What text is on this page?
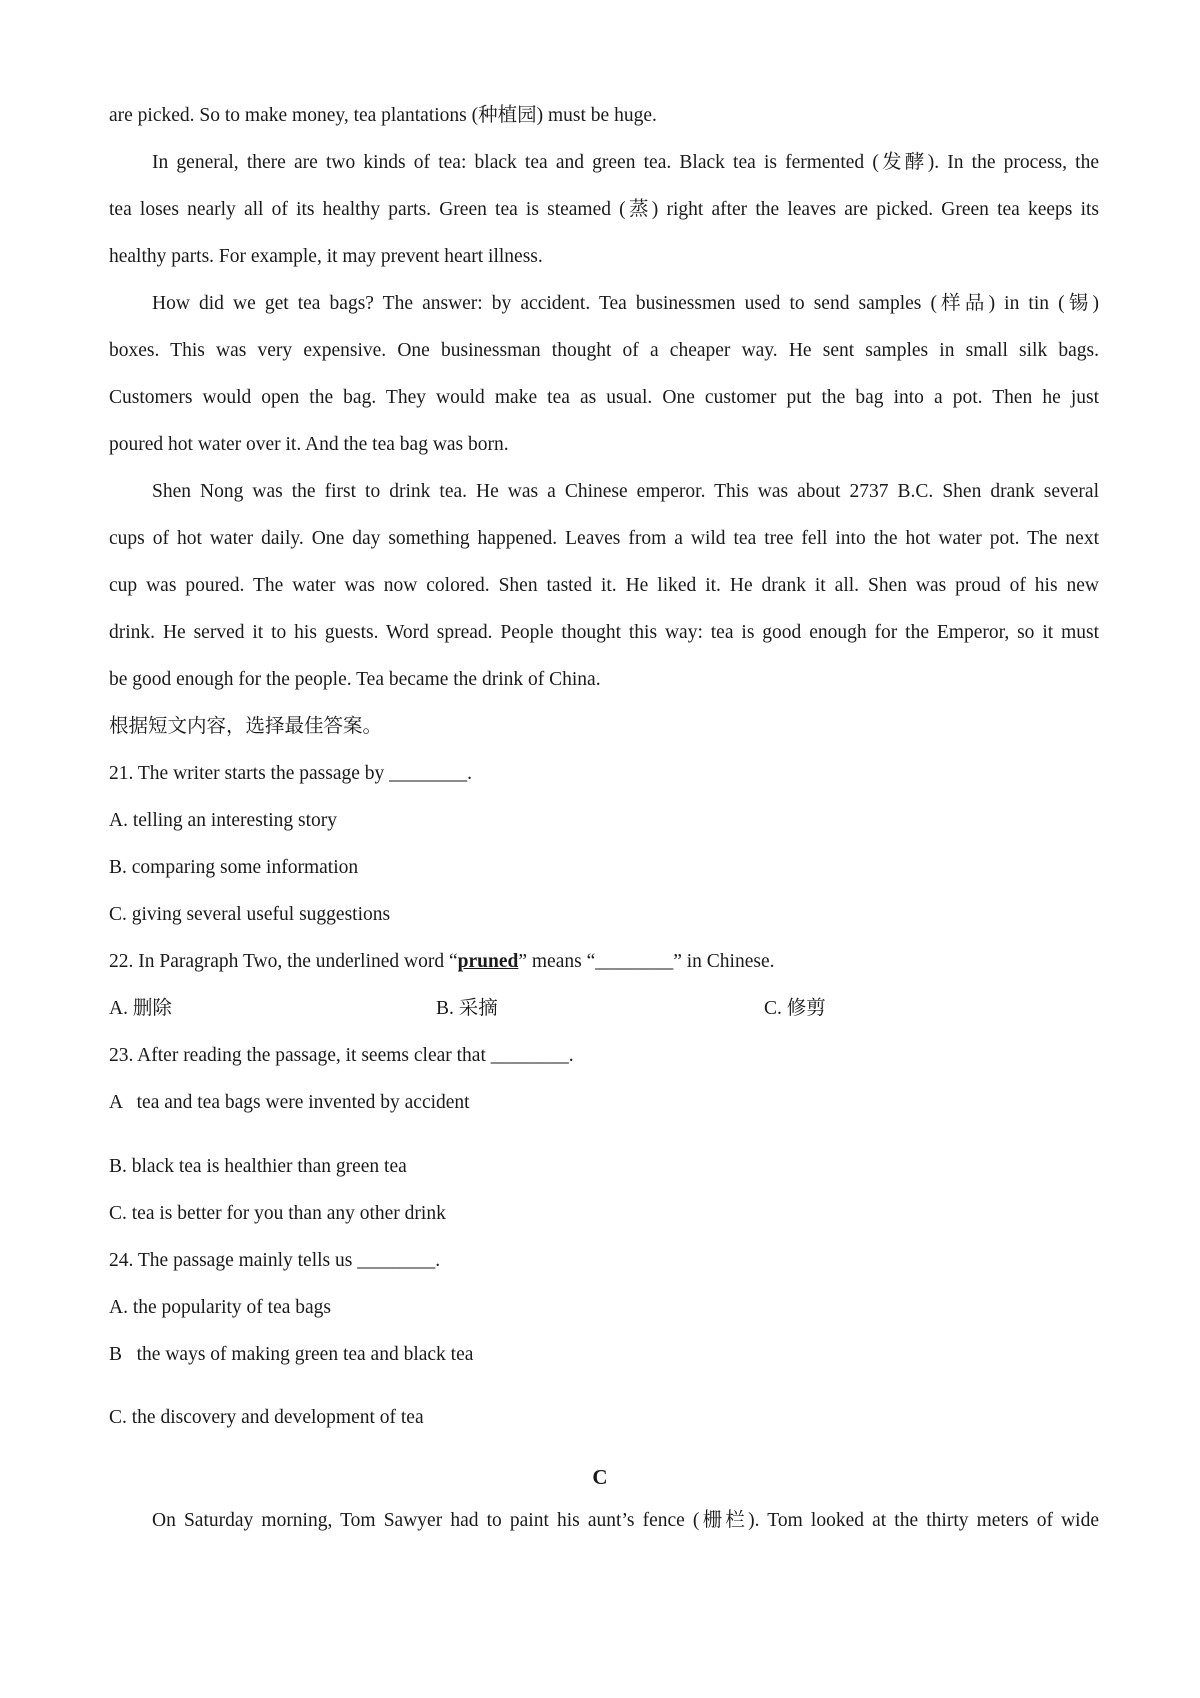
are picked. So to make money, tea plantations (种植园) must be huge.
In general, there are two kinds of tea: black tea and green tea. Black tea is fermented (发酵). In the process, the
tea loses nearly all of its healthy parts. Green tea is steamed (蒸) right after the leaves are picked. Green tea keeps its
healthy parts. For example, it may prevent heart illness.
How did we get tea bags? The answer: by accident. Tea businessmen used to send samples (样品) in tin (锡)
boxes. This was very expensive. One businessman thought of a cheaper way. He sent samples in small silk bags.
Customers would open the bag. They would make tea as usual. One customer put the bag into a pot. Then he just
poured hot water over it. And the tea bag was born.
Shen Nong was the first to drink tea. He was a Chinese emperor. This was about 2737 B.C. Shen drank several
cups of hot water daily. One day something happened. Leaves from a wild tea tree fell into the hot water pot. The next
cup was poured. The water was now colored. Shen tasted it. He liked it. He drank it all. Shen was proud of his new
drink. He served it to his guests. Word spread. People thought this way: tea is good enough for the Emperor, so it must
be good enough for the people. Tea became the drink of China.
根据短文内容，选择最佳答案。
21. The writer starts the passage by ________.
A. telling an interesting story
B. comparing some information
C. giving several useful suggestions
22. In Paragraph Two, the underlined word “pruned” means “________” in Chinese.
A. 删除	B. 采摘	C. 修剪
23. After reading the passage, it seems clear that ________.
A   tea and tea bags were invented by accident
B. black tea is healthier than green tea
C. tea is better for you than any other drink
24. The passage mainly tells us ________.
A. the popularity of tea bags
B   the ways of making green tea and black tea
C. the discovery and development of tea
C
On Saturday morning, Tom Sawyer had to paint his aunt’s fence (栅栏). Tom looked at the thirty meters of wide
